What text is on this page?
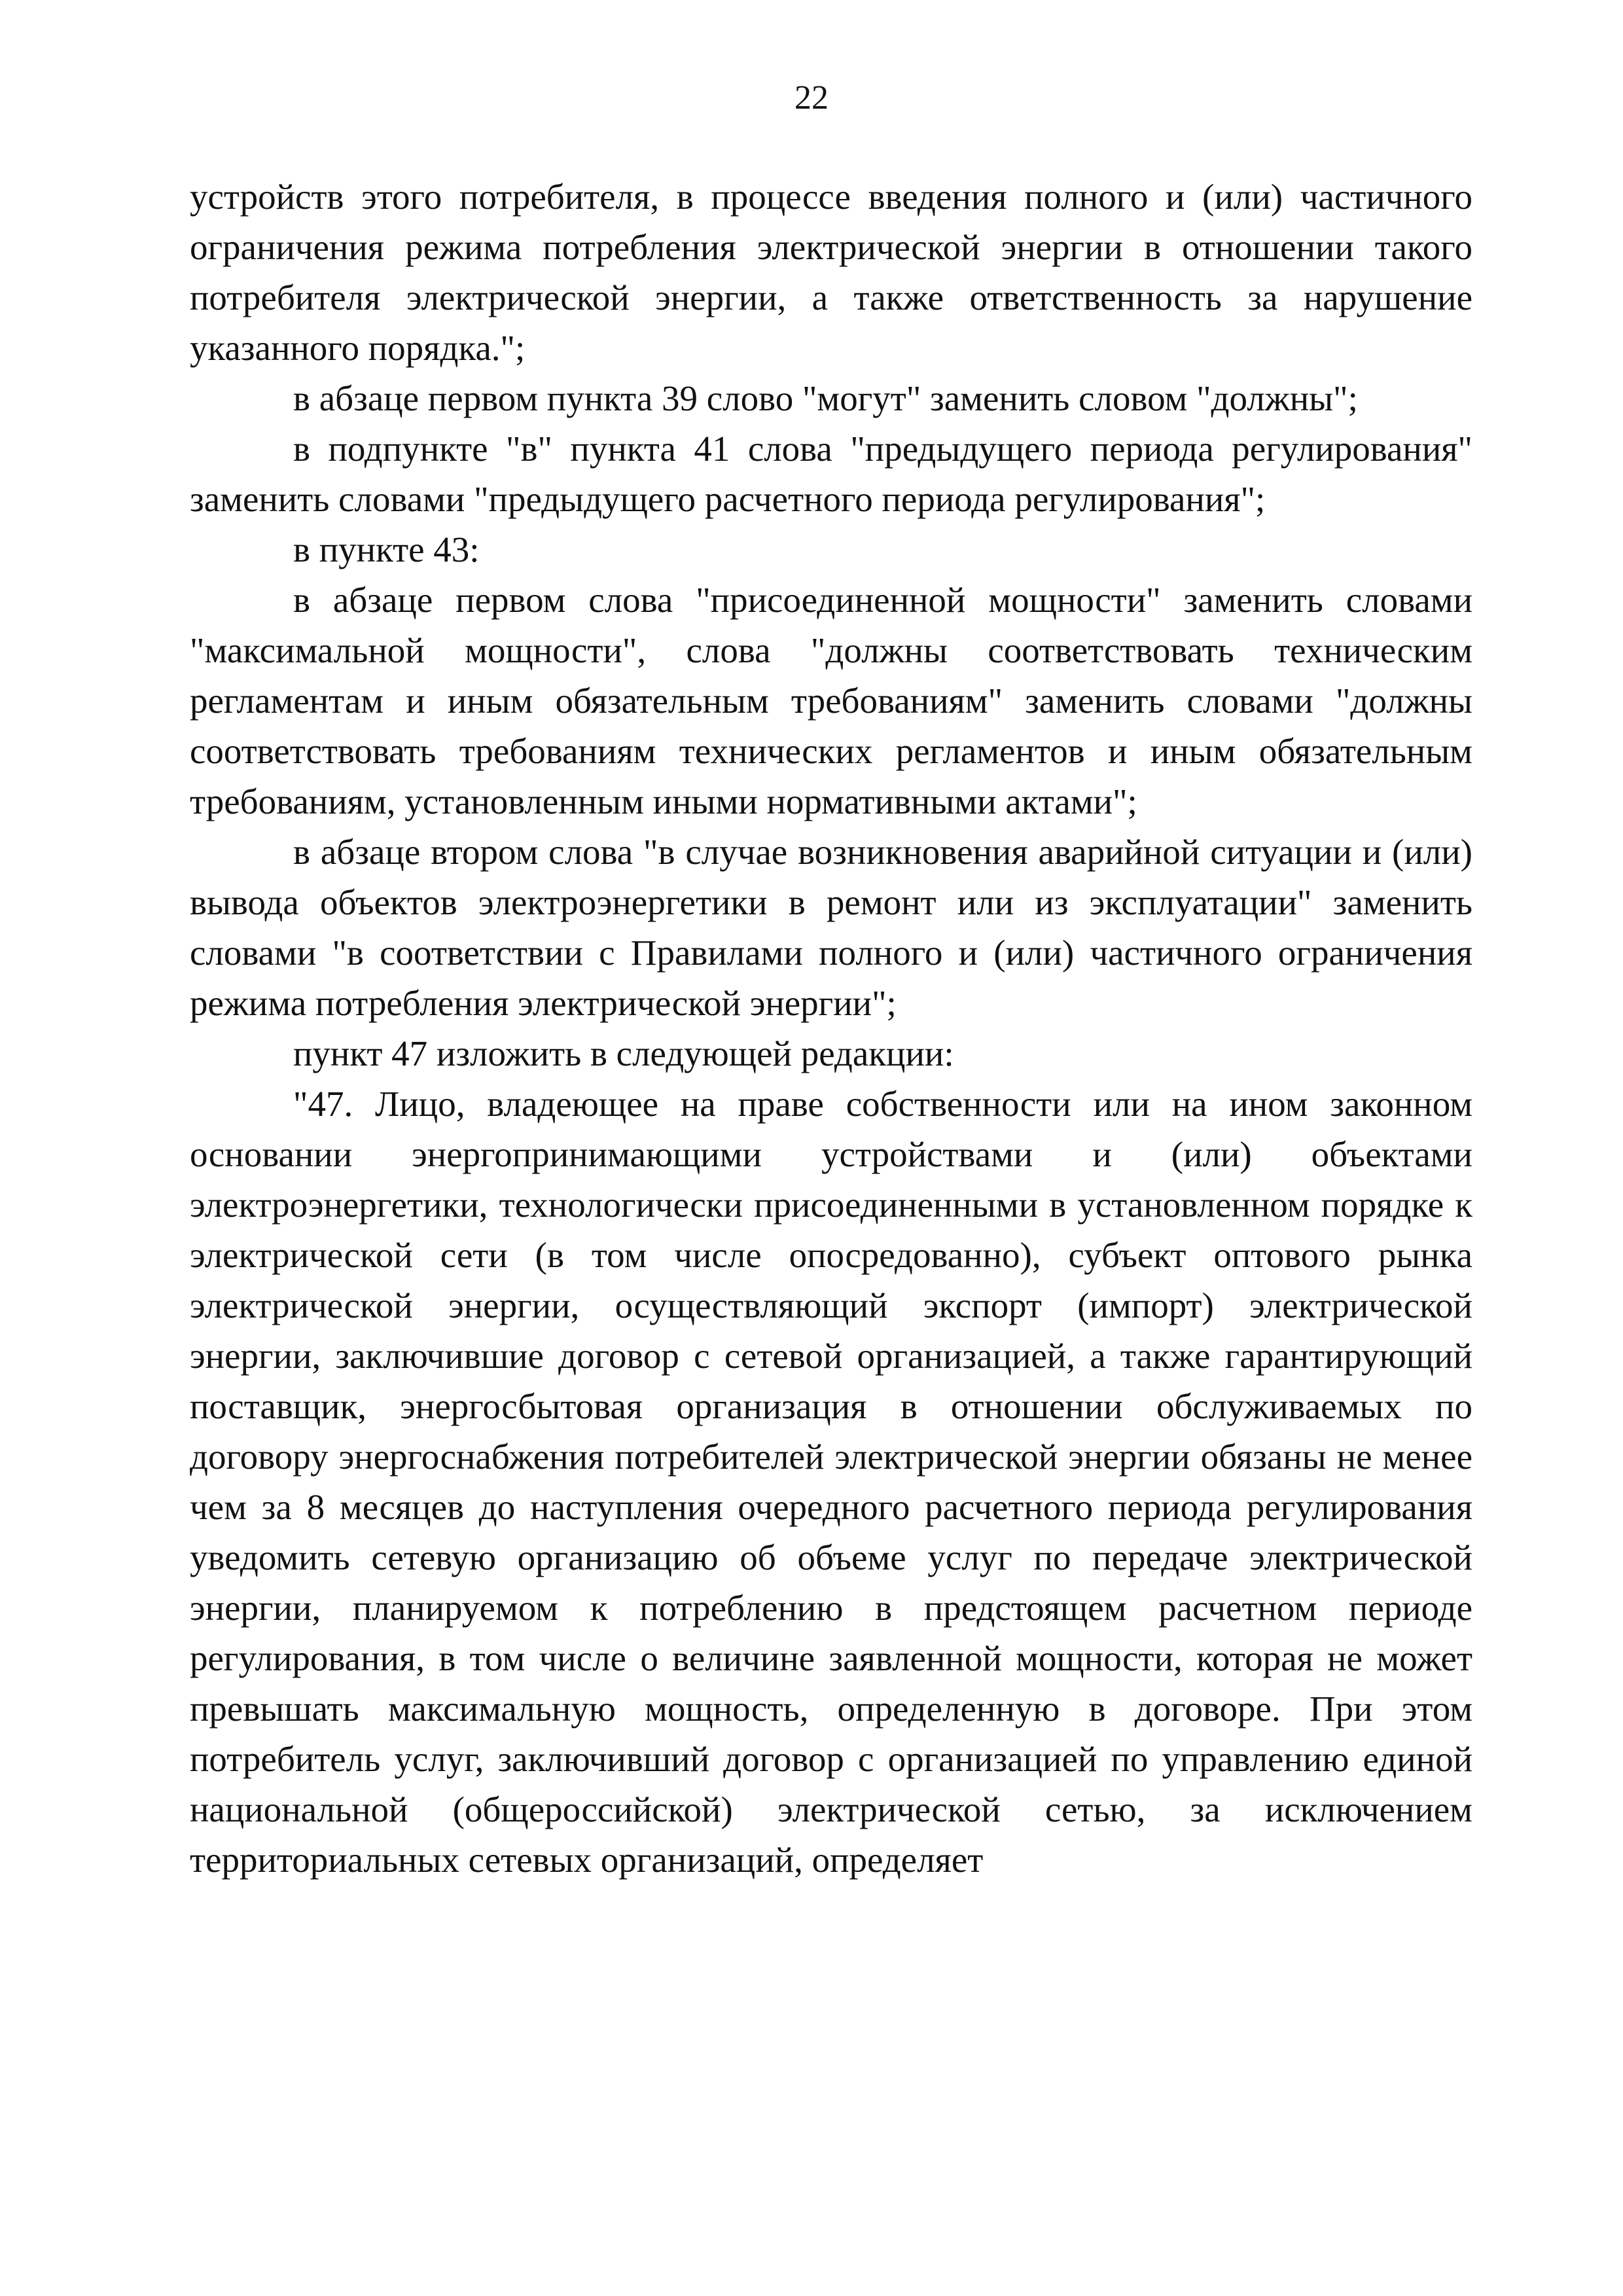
22

устройств этого потребителя, в процессе введения полного и (или) частичного ограничения режима потребления электрической энергии в отношении такого потребителя электрической энергии, а также ответственность за нарушение указанного порядка.";

в абзаце первом пункта 39 слово "могут" заменить словом "должны";

в подпункте "в" пункта 41 слова "предыдущего периода регулирования" заменить словами "предыдущего расчетного периода регулирования";

в пункте 43:

в абзаце первом слова "присоединенной мощности" заменить словами "максимальной мощности", слова "должны соответствовать техническим регламентам и иным обязательным требованиям" заменить словами "должны соответствовать требованиям технических регламентов и иным обязательным требованиям, установленным иными нормативными актами";

в абзаце втором слова "в случае возникновения аварийной ситуации и (или) вывода объектов электроэнергетики в ремонт или из эксплуатации" заменить словами "в соответствии с Правилами полного и (или) частичного ограничения режима потребления электрической энергии";

пункт 47 изложить в следующей редакции:

"47. Лицо, владеющее на праве собственности или на ином законном основании энергопринимающими устройствами и (или) объектами электроэнергетики, технологически присоединенными в установленном порядке к электрической сети (в том числе опосредованно), субъект оптового рынка электрической энергии, осуществляющий экспорт (импорт) электрической энергии, заключившие договор с сетевой организацией, а также гарантирующий поставщик, энергосбытовая организация в отношении обслуживаемых по договору энергоснабжения потребителей электрической энергии обязаны не менее чем за 8 месяцев до наступления очередного расчетного периода регулирования уведомить сетевую организацию об объеме услуг по передаче электрической энергии, планируемом к потреблению в предстоящем расчетном периоде регулирования, в том числе о величине заявленной мощности, которая не может превышать максимальную мощность, определенную в договоре. При этом потребитель услуг, заключивший договор с организацией по управлению единой национальной (общероссийской) электрической сетью, за исключением территориальных сетевых организаций, определяет
